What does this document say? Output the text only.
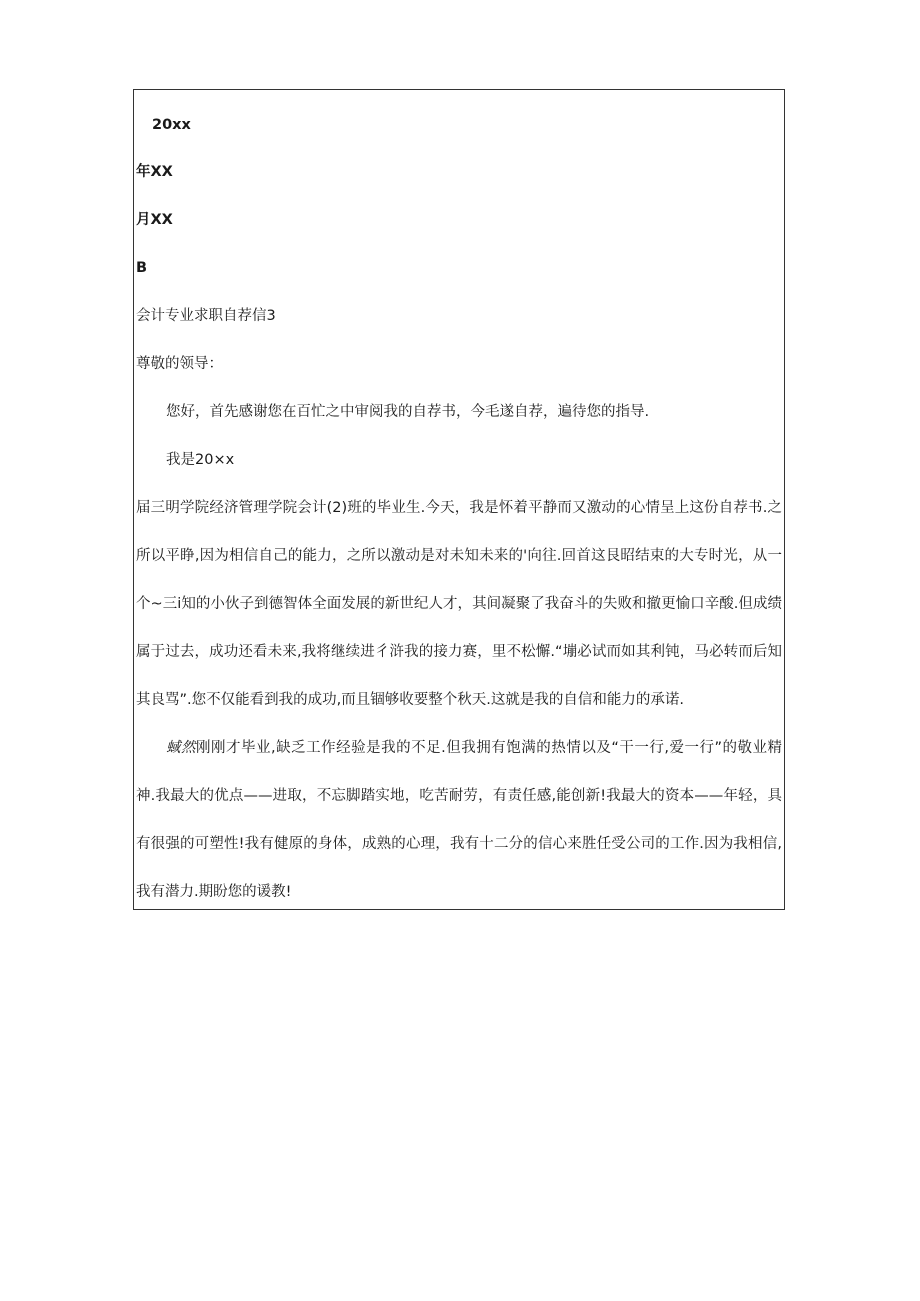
20xx
年XX
月XX
B
会计专业求职自荐信3
尊敬的领导：
您好，首先感谢您在百忙之中审阅我的自荐书，今毛遂自荐，遍待您的指导.
我是20×x
届三明学院经济管理学院会计(2)班的毕业生.今天，我是怀着平静而又激动的心情呈上这份自荐书.之
所以平睁,因为相信自己的能力，之所以激动是对未知未来的'向往.回首这艮昭结束的大专时光，从一
个~三i知的小伙子到德智体全面发展的新世纪人才，其间凝聚了我奋斗的失败和撤更愉口辛酸.但成绩
属于过去，成功还看未来,我将继续进彳浒我的接力赛，里不松懈.“塴必试而如其利钝，马必转而后知
其良骂”.您不仅能看到我的成功,而且锢够收要整个秋天.这就是我的自信和能力的承诺.
蜮然刚刚才毕业,缺乏工作经验是我的不足.但我拥有饱满的热情以及“干一行,爱一行”的敬业精
神.我最大的优点——进取，不忘脚踏实地，吃苦耐劳，有责任感,能创新!我最大的资本——年轻，具
有很强的可塑性!我有健原的身体，成熟的心理，我有十二分的信心来胜任受公司的工作.因为我相信,
我有潜力.期盼您的谖教!
